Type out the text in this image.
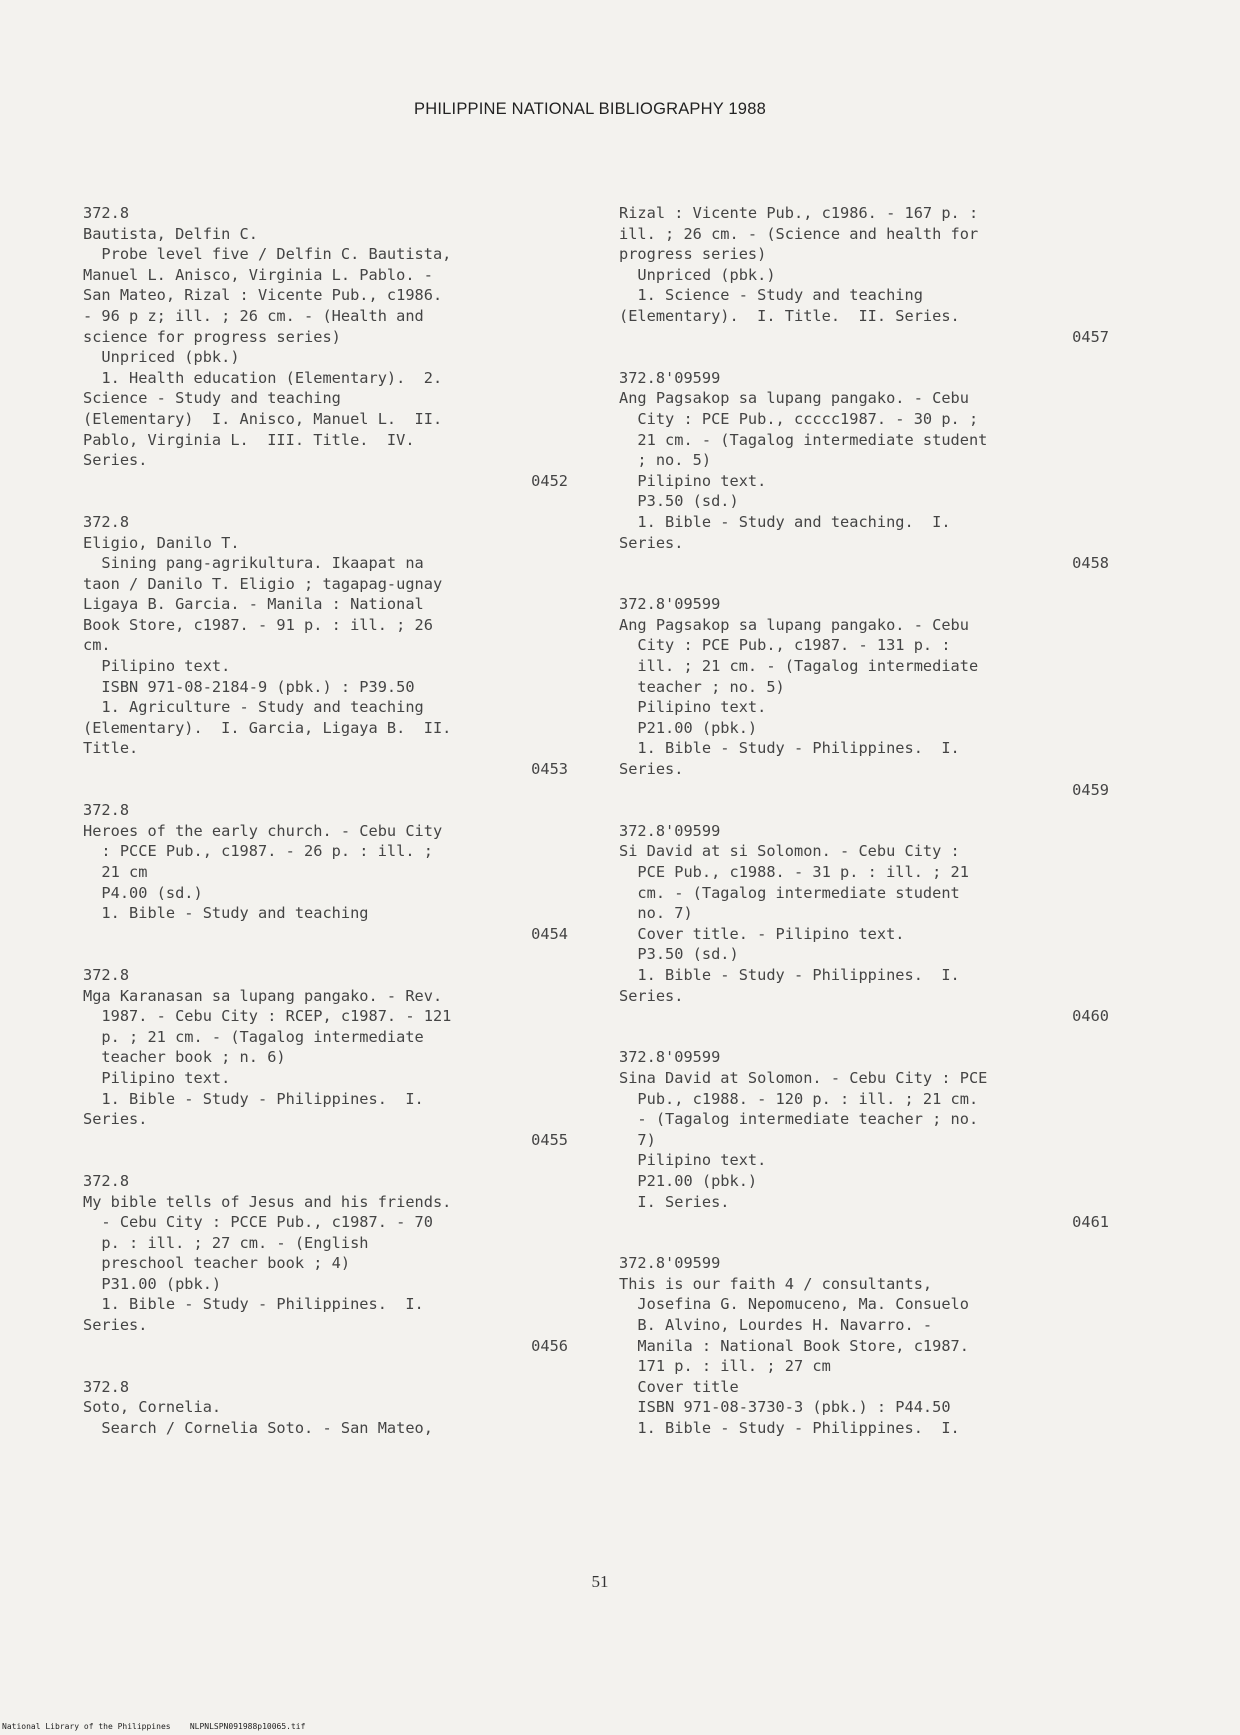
PHILIPPINE NATIONAL BIBLIOGRAPHY 1988
372.8
Bautista, Delfin C.
Probe level five / Delfin C. Bautista,
Manuel L. Anisco, Virginia L. Pablo. -
San Mateo, Rizal : Vicente Pub., c1986.
- 96 p z; ill. ; 26 cm. - (Health and
science for progress series)
Unpriced (pbk.)
1. Health education (Elementary).  2.
Science - Study and teaching
(Elementary)  I. Anisco, Manuel L.  II.
Pablo, Virginia L.  III. Title.  IV.
Series.
0452
372.8
Eligio, Danilo T.
Sining pang-agrikultura. Ikaapat na
taon / Danilo T. Eligio ; tagapag-ugnay
Ligaya B. Garcia. - Manila : National
Book Store, c1987. - 91 p. : ill. ; 26
cm.
Pilipino text.
ISBN 971-08-2184-9 (pbk.) : P39.50
1. Agriculture - Study and teaching
(Elementary).  I. Garcia, Ligaya B.  II.
Title.
0453
372.8
Heroes of the early church. - Cebu City
: PCCE Pub., c1987. - 26 p. : ill. ;
21 cm
P4.00 (sd.)
1. Bible - Study and teaching
0454
372.8
Mga Karanasan sa lupang pangako. - Rev.
1987. - Cebu City : RCEP, c1987. - 121
p. ; 21 cm. - (Tagalog intermediate
teacher book ; n. 6)
Pilipino text.
1. Bible - Study - Philippines.  I.
Series.
0455
372.8
My bible tells of Jesus and his friends.
- Cebu City : PCCE Pub., c1987. - 70
p. : ill. ; 27 cm. - (English
preschool teacher book ; 4)
P31.00 (pbk.)
1. Bible - Study - Philippines.  I.
Series.
0456
372.8
Soto, Cornelia.
Search / Cornelia Soto. - San Mateo,
Rizal : Vicente Pub., c1986. - 167 p. :
ill. ; 26 cm. - (Science and health for
progress series)
Unpriced (pbk.)
1. Science - Study and teaching
(Elementary).  I. Title.  II. Series.
0457
372.8'09599
Ang Pagsakop sa lupang pangako. - Cebu
City : PCE Pub., ccccc1987. - 30 p. ;
21 cm. - (Tagalog intermediate student
; no. 5)
Pilipino text.
P3.50 (sd.)
1. Bible - Study and teaching.  I.
Series.
0458
372.8'09599
Ang Pagsakop sa lupang pangako. - Cebu
City : PCE Pub., c1987. - 131 p. :
ill. ; 21 cm. - (Tagalog intermediate
teacher ; no. 5)
Pilipino text.
P21.00 (pbk.)
1. Bible - Study - Philippines.  I.
Series.
0459
372.8'09599
Si David at si Solomon. - Cebu City :
PCE Pub., c1988. - 31 p. : ill. ; 21
cm. - (Tagalog intermediate student
no. 7)
Cover title. - Pilipino text.
P3.50 (sd.)
1. Bible - Study - Philippines.  I.
Series.
0460
372.8'09599
Sina David at Solomon. - Cebu City : PCE
Pub., c1988. - 120 p. : ill. ; 21 cm.
- (Tagalog intermediate teacher ; no.
7)
Pilipino text.
P21.00 (pbk.)
I. Series.
0461
372.8'09599
This is our faith 4 / consultants,
Josefina G. Nepomuceno, Ma. Consuelo
B. Alvino, Lourdes H. Navarro. -
Manila : National Book Store, c1987.
171 p. : ill. ; 27 cm
Cover title
ISBN 971-08-3730-3 (pbk.) : P44.50
1. Bible - Study - Philippines.  I.
51
National Library of the Philippines    NLPNLSPN091988p10065.tif
